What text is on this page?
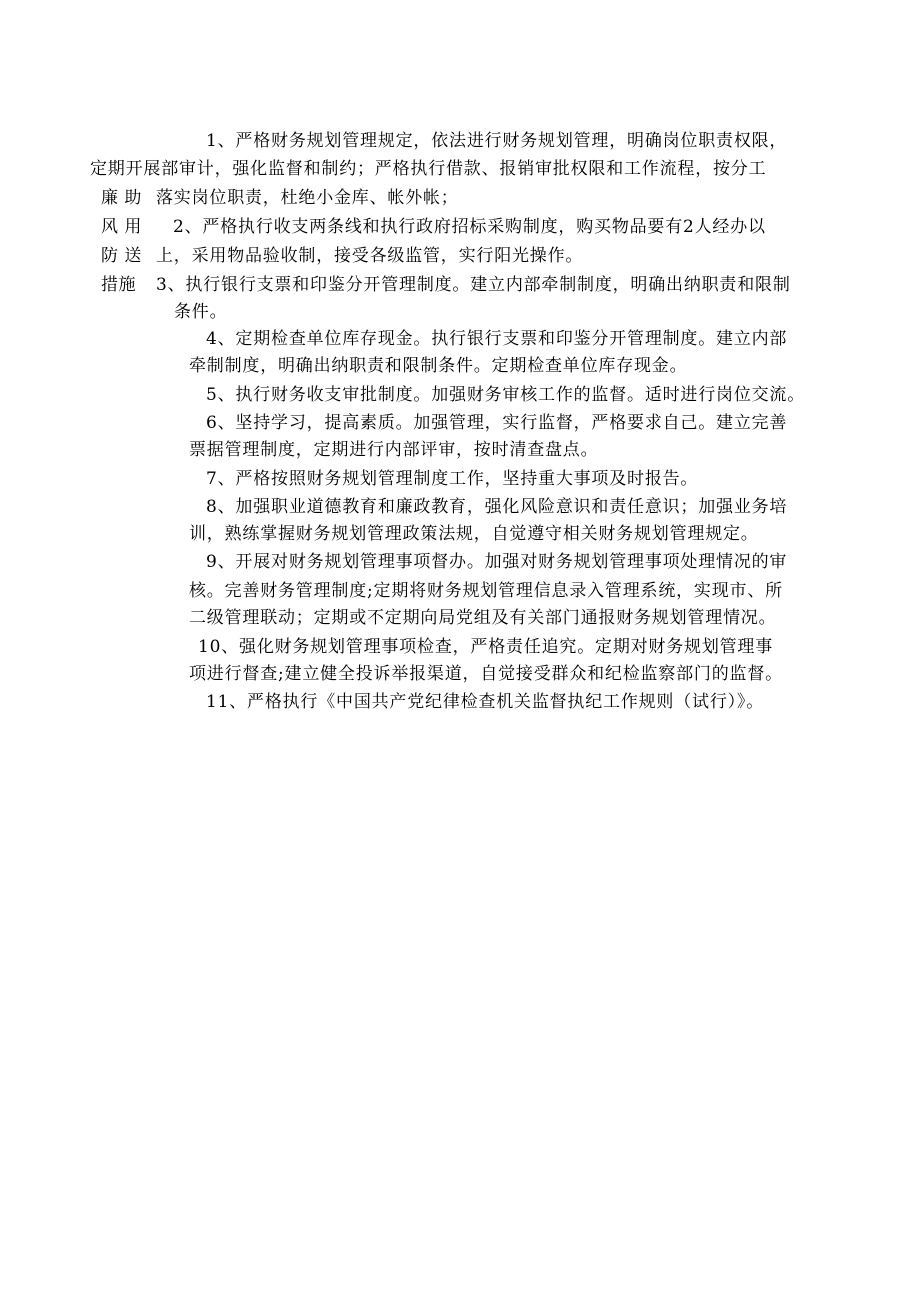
廉 助
风 用
防 送
措施
1、严格财务规划管理规定，依法进行财务规划管理，明确岗位职责权限，
定期开展部审计，强化监督和制约；严格执行借款、报销审批权限和工作流程，按分工
落实岗位职责，杜绝小金库、帐外帐；
2、严格执行收支两条线和执行政府招标采购制度，购买物品要有2人经办以
上，采用物品验收制，接受各级监管，实行阳光操作。
3、执行银行支票和印鉴分开管理制度。建立内部牵制制度，明确出纳职责和限制
条件。
4、定期检查单位库存现金。执行银行支票和印鉴分开管理制度。建立内部
牵制制度，明确出纳职责和限制条件。定期检查单位库存现金。
5、执行财务收支审批制度。加强财务审核工作的监督。适时进行岗位交流。
6、坚持学习，提高素质。加强管理，实行监督，严格要求自己。建立完善
票据管理制度，定期进行内部评审，按时清查盘点。
7、严格按照财务规划管理制度工作，坚持重大事项及时报告。
8、加强职业道德教育和廉政教育，强化风险意识和责任意识；加强业务培
训，熟练掌握财务规划管理政策法规，自觉遵守相关财务规划管理规定。
9、开展对财务规划管理事项督办。加强对财务规划管理事项处理情况的审
核。完善财务管理制度;定期将财务规划管理信息录入管理系统，实现市、所
二级管理联动；定期或不定期向局党组及有关部门通报财务规划管理情况。
10、强化财务规划管理事项检查，严格责任追究。定期对财务规划管理事
项进行督查;建立健全投诉举报渠道，自觉接受群众和纪检监察部门的监督。
11、严格执行《中国共产党纪律检查机关监督执纪工作规则（试行）》。
